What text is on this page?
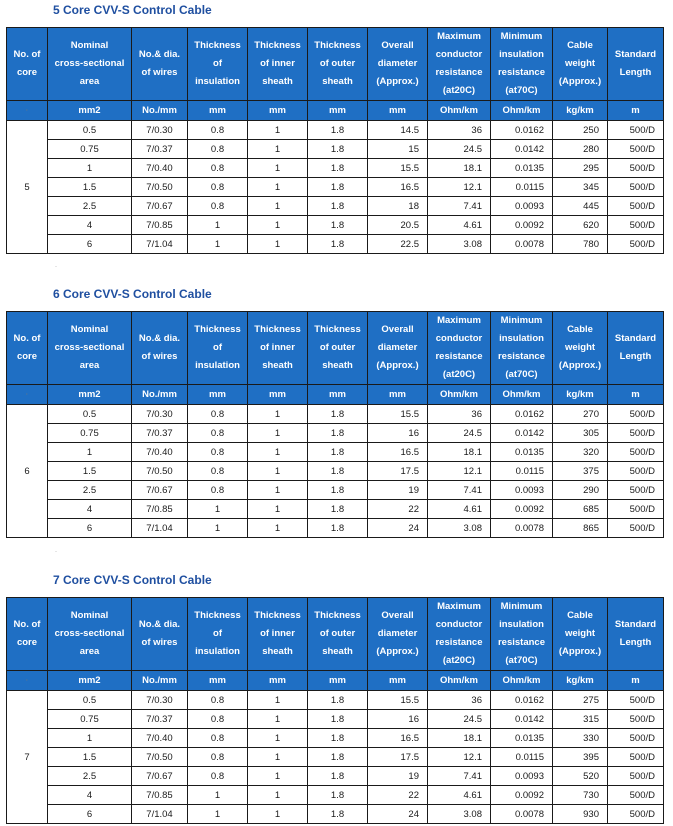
5 Core CVV-S Control Cable
No. of
core	Nominal
cross-sectional
area	No.& dia.
of wires	Thickness
of
insulation	Thickness
of inner
sheath	Thickness
of outer
sheath	Overall
diameter
(Approx.)	Maximum
conductor
resistance
(at20C)	Minimum
insulation
resistance
(at70C)	Cable
weight
(Approx.)	Standard
Length

·	mm2	No./mm	mm	mm	mm	mm	Ohm/km	Ohm/km	kg/km	m
5	0.5	7/0.30	0.8	1	1.8	14.5	36	0.0162	250	500/D
	0.75	7/0.37	0.8	1	1.8	15	24.5	0.0142	280	500/D
	1	7/0.40	0.8	1	1.8	15.5	18.1	0.0135	295	500/D
	1.5	7/0.50	0.8	1	1.8	16.5	12.1	0.0115	345	500/D
	2.5	7/0.67	0.8	1	1.8	18	7.41	0.0093	445	500/D
	4	7/0.85	1	1	1.8	20.5	4.61	0.0092	620	500/D
	6	7/1.04	1	1	1.8	22.5	3.08	0.0078	780	500/D
·
6 Core CVV-S Control Cable
No. of
core	Nominal
cross-sectional
area	No.& dia.
of wires	Thickness
of
insulation	Thickness
of inner
sheath	Thickness
of outer
sheath	Overall
diameter
(Approx.)	Maximum
conductor
resistance
(at20C)	Minimum
insulation
resistance
(at70C)	Cable
weight
(Approx.)	Standard
Length

·	mm2	No./mm	mm	mm	mm	mm	Ohm/km	Ohm/km	kg/km	m
6	0.5	7/0.30	0.8	1	1.8	15.5	36	0.0162	270	500/D
	0.75	7/0.37	0.8	1	1.8	16	24.5	0.0142	305	500/D
	1	7/0.40	0.8	1	1.8	16.5	18.1	0.0135	320	500/D
	1.5	7/0.50	0.8	1	1.8	17.5	12.1	0.0115	375	500/D
	2.5	7/0.67	0.8	1	1.8	19	7.41	0.0093	290	500/D
	4	7/0.85	1	1	1.8	22	4.61	0.0092	685	500/D
	6	7/1.04	1	1	1.8	24	3.08	0.0078	865	500/D
·
7 Core CVV-S Control Cable
No. of
core	Nominal
cross-sectional
area	No.& dia.
of wires	Thickness
of
insulation	Thickness
of inner
sheath	Thickness
of outer
sheath	Overall
diameter
(Approx.)	Maximum
conductor
resistance
(at20C)	Minimum
insulation
resistance
(at70C)	Cable
weight
(Approx.)	Standard
Length

·	mm2	No./mm	mm	mm	mm	mm	Ohm/km	Ohm/km	kg/km	m
7	0.5	7/0.30	0.8	1	1.8	15.5	36	0.0162	275	500/D
	0.75	7/0.37	0.8	1	1.8	16	24.5	0.0142	315	500/D
	1	7/0.40	0.8	1	1.8	16.5	18.1	0.0135	330	500/D
	1.5	7/0.50	0.8	1	1.8	17.5	12.1	0.0115	395	500/D
	2.5	7/0.67	0.8	1	1.8	19	7.41	0.0093	520	500/D
	4	7/0.85	1	1	1.8	22	4.61	0.0092	730	500/D
	6	7/1.04	1	1	1.8	24	3.08	0.0078	930	500/D
